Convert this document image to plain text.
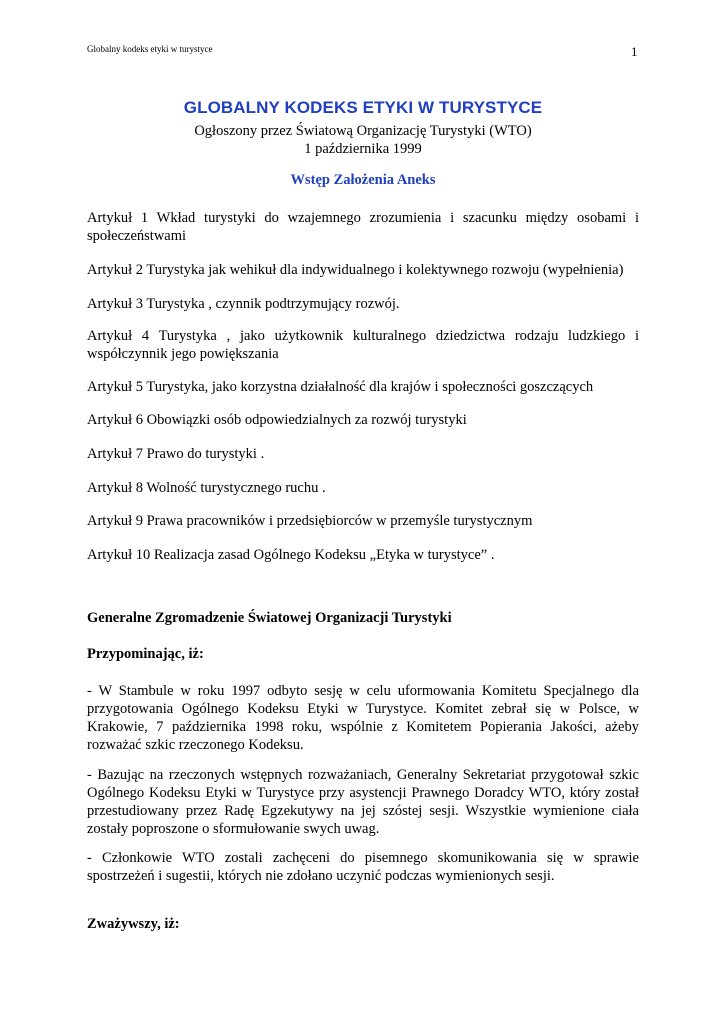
Globalny kodeks etyki w turystyce	1
GLOBALNY KODEKS ETYKI W TURYSTYCE
Ogłoszony przez Światową Organizację Turystyki (WTO)
1 października 1999
Wstęp Założenia Aneks
Artykuł 1 Wkład turystyki do wzajemnego zrozumienia i szacunku między osobami i społeczeństwami
Artykuł 2 Turystyka jak wehikuł dla indywidualnego i kolektywnego rozwoju (wypełnienia)
Artykuł 3 Turystyka , czynnik podtrzymujący rozwój.
Artykuł 4 Turystyka , jako użytkownik kulturalnego dziedzictwa rodzaju ludzkiego i współczynnik jego powiększania
Artykuł 5 Turystyka, jako korzystna działalność dla krajów i społeczności goszczących
Artykuł 6 Obowiązki osób odpowiedzialnych za rozwój turystyki
Artykuł 7 Prawo do turystyki .
Artykuł 8 Wolność turystycznego ruchu .
Artykuł 9 Prawa pracowników i przedsiębiorców w przemyśle turystycznym
Artykuł 10 Realizacja zasad Ogólnego Kodeksu „Etyka w turystyce” .
Generalne Zgromadzenie Światowej Organizacji Turystyki
Przypominając, iż:
- W Stambule w roku 1997 odbyto sesję w celu uformowania Komitetu Specjalnego dla przygotowania Ogólnego Kodeksu Etyki w Turystyce. Komitet zebrał się w Polsce, w Krakowie, 7 października 1998 roku, wspólnie z Komitetem Popierania Jakości, ażeby rozważać szkic rzeczonego Kodeksu.
- Bazując na rzeczonych wstępnych rozważaniach, Generalny Sekretariat przygotował szkic Ogólnego Kodeksu Etyki w Turystyce przy asystencji Prawnego Doradcy WTO, który został przestudiowany przez Radę Egzekutywy na jej szóstej sesji. Wszystkie wymienione ciała zostały poproszone o sformułowanie swych uwag.
- Członkowie WTO zostali zachęceni do pisemnego skomunikowania się w sprawie spostrzeżeń i sugestii, których nie zdołano uczynić podczas wymienionych sesji.
Zważywszy, iż:
